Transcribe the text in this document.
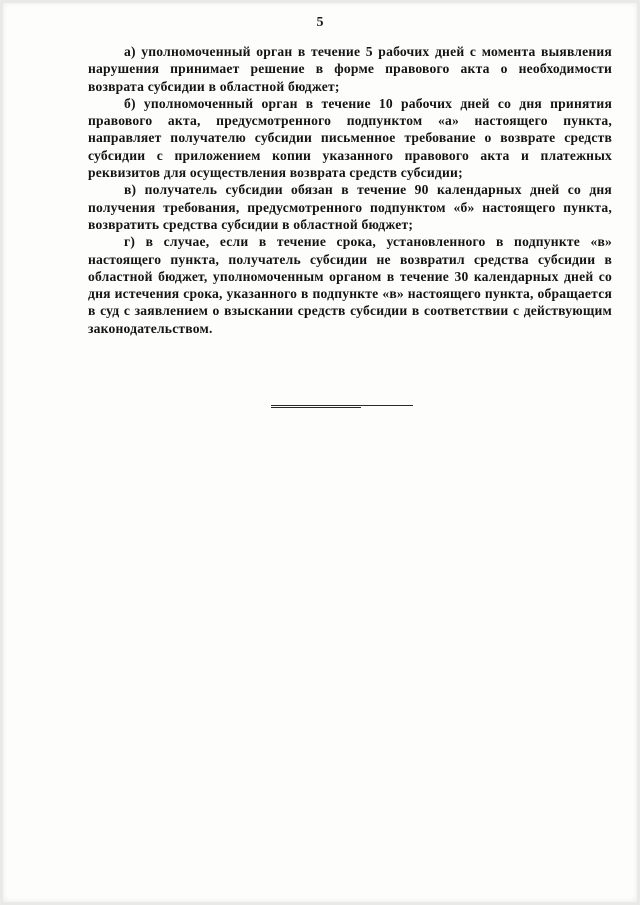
5

а) уполномоченный орган в течение 5 рабочих дней с момента выявления нарушения принимает решение в форме правового акта о необходимости возврата субсидии в областной бюджет;

б) уполномоченный орган в течение 10 рабочих дней со дня принятия правового акта, предусмотренного подпунктом «а» настоящего пункта, направляет получателю субсидии письменное требование о возврате средств субсидии с приложением копии указанного правового акта и платежных реквизитов для осуществления возврата средств субсидии;

в) получатель субсидии обязан в течение 90 календарных дней со дня получения требования, предусмотренного подпунктом «б» настоящего пункта, возвратить средства субсидии в областной бюджет;

г) в случае, если в течение срока, установленного в подпункте «в» настоящего пункта, получатель субсидии не возвратил средства субсидии в областной бюджет, уполномоченным органом в течение 30 календарных дней со дня истечения срока, указанного в подпункте «в» настоящего пункта, обращается в суд с заявлением о взыскании средств субсидии в соответствии с действующим законодательством.
